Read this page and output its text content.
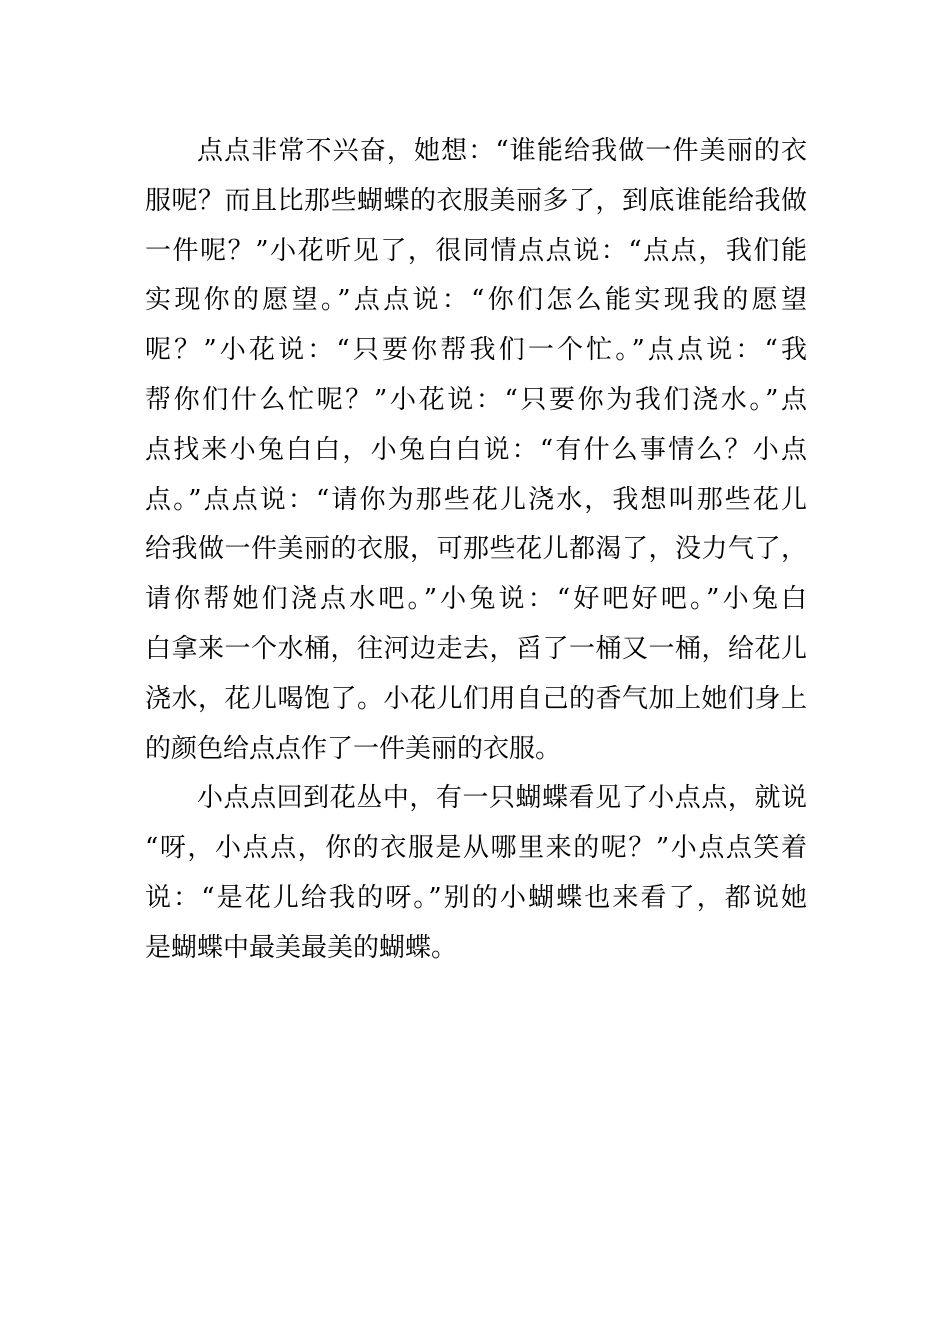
点点非常不兴奋，她想：“谁能给我做一件美丽的衣
服呢？而且比那些蝴蝶的衣服美丽多了，到底谁能给我做
一件呢？”小花听见了，很同情点点说：“点点，我们能
实现你的愿望。”点点说：“你们怎么能实现我的愿望
呢？”小花说：“只要你帮我们一个忙。”点点说：“我
帮你们什么忙呢？”小花说：“只要你为我们浇水。”点
点找来小兔白白，小兔白白说：“有什么事情么？小点
点。”点点说：“请你为那些花儿浇水，我想叫那些花儿
给我做一件美丽的衣服，可那些花儿都渴了，没力气了，
请你帮她们浇点水吧。”小兔说：“好吧好吧。”小兔白
白拿来一个水桶，往河边走去，舀了一桶又一桶，给花儿
浇水，花儿喝饱了。小花儿们用自己的香气加上她们身上
的颜色给点点作了一件美丽的衣服。
小点点回到花丛中，有一只蝴蝶看见了小点点，就说
“呀，小点点，你的衣服是从哪里来的呢？”小点点笑着
说：“是花儿给我的呀。”别的小蝴蝶也来看了，都说她
是蝴蝶中最美最美的蝴蝶。
